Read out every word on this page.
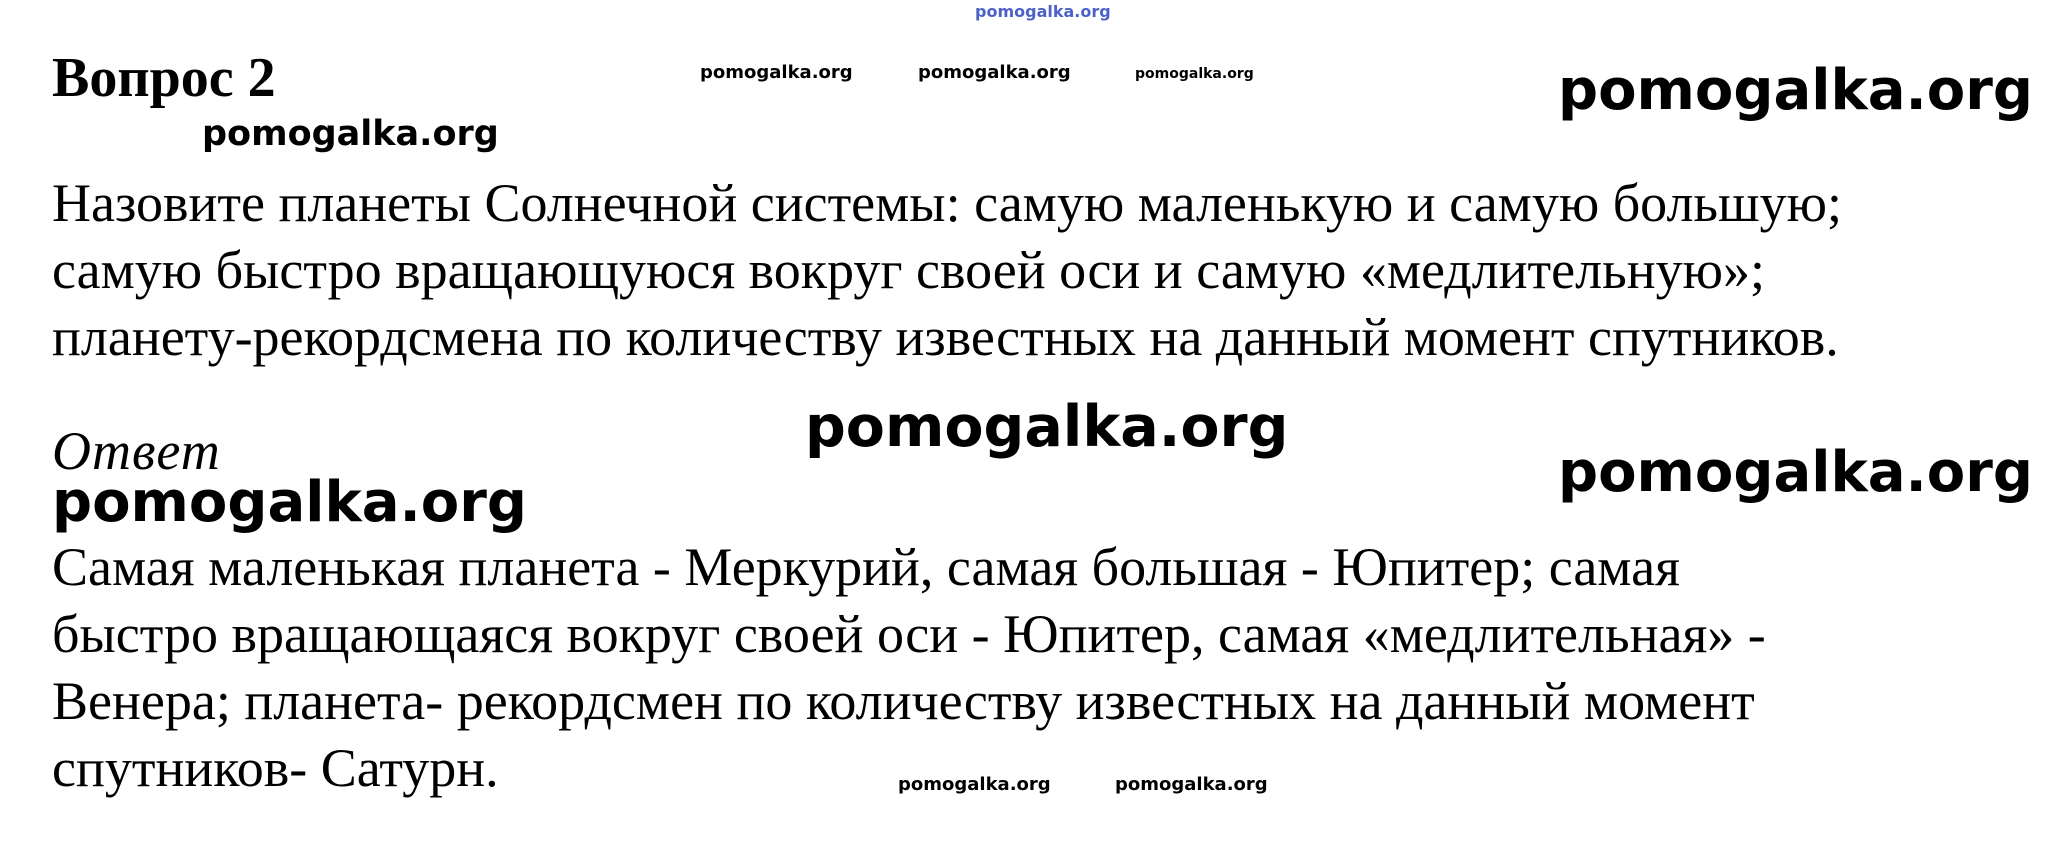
pomogalka.org
pomogalka.org	pomogalka.org	pomogalka.org	pomogalka.org
pomogalka.org
pomogalka.org
pomogalka.org
pomogalka.org
pomogalka.org	pomogalka.org
Вопрос 2
Назовите планеты Солнечной системы: самую маленькую и самую большую;
самую быстро вращающуюся вокруг своей оси и самую «медлительную»;
планету-рекордсмена по количеству известных на данный момент спутников.
Ответ
Самая маленькая планета - Меркурий, самая большая - Юпитер; самая
быстро вращающаяся вокруг своей оси - Юпитер, самая «медлительная» -
Венера; планета- рекордсмен по количеству известных на данный момент
спутников- Сатурн.
